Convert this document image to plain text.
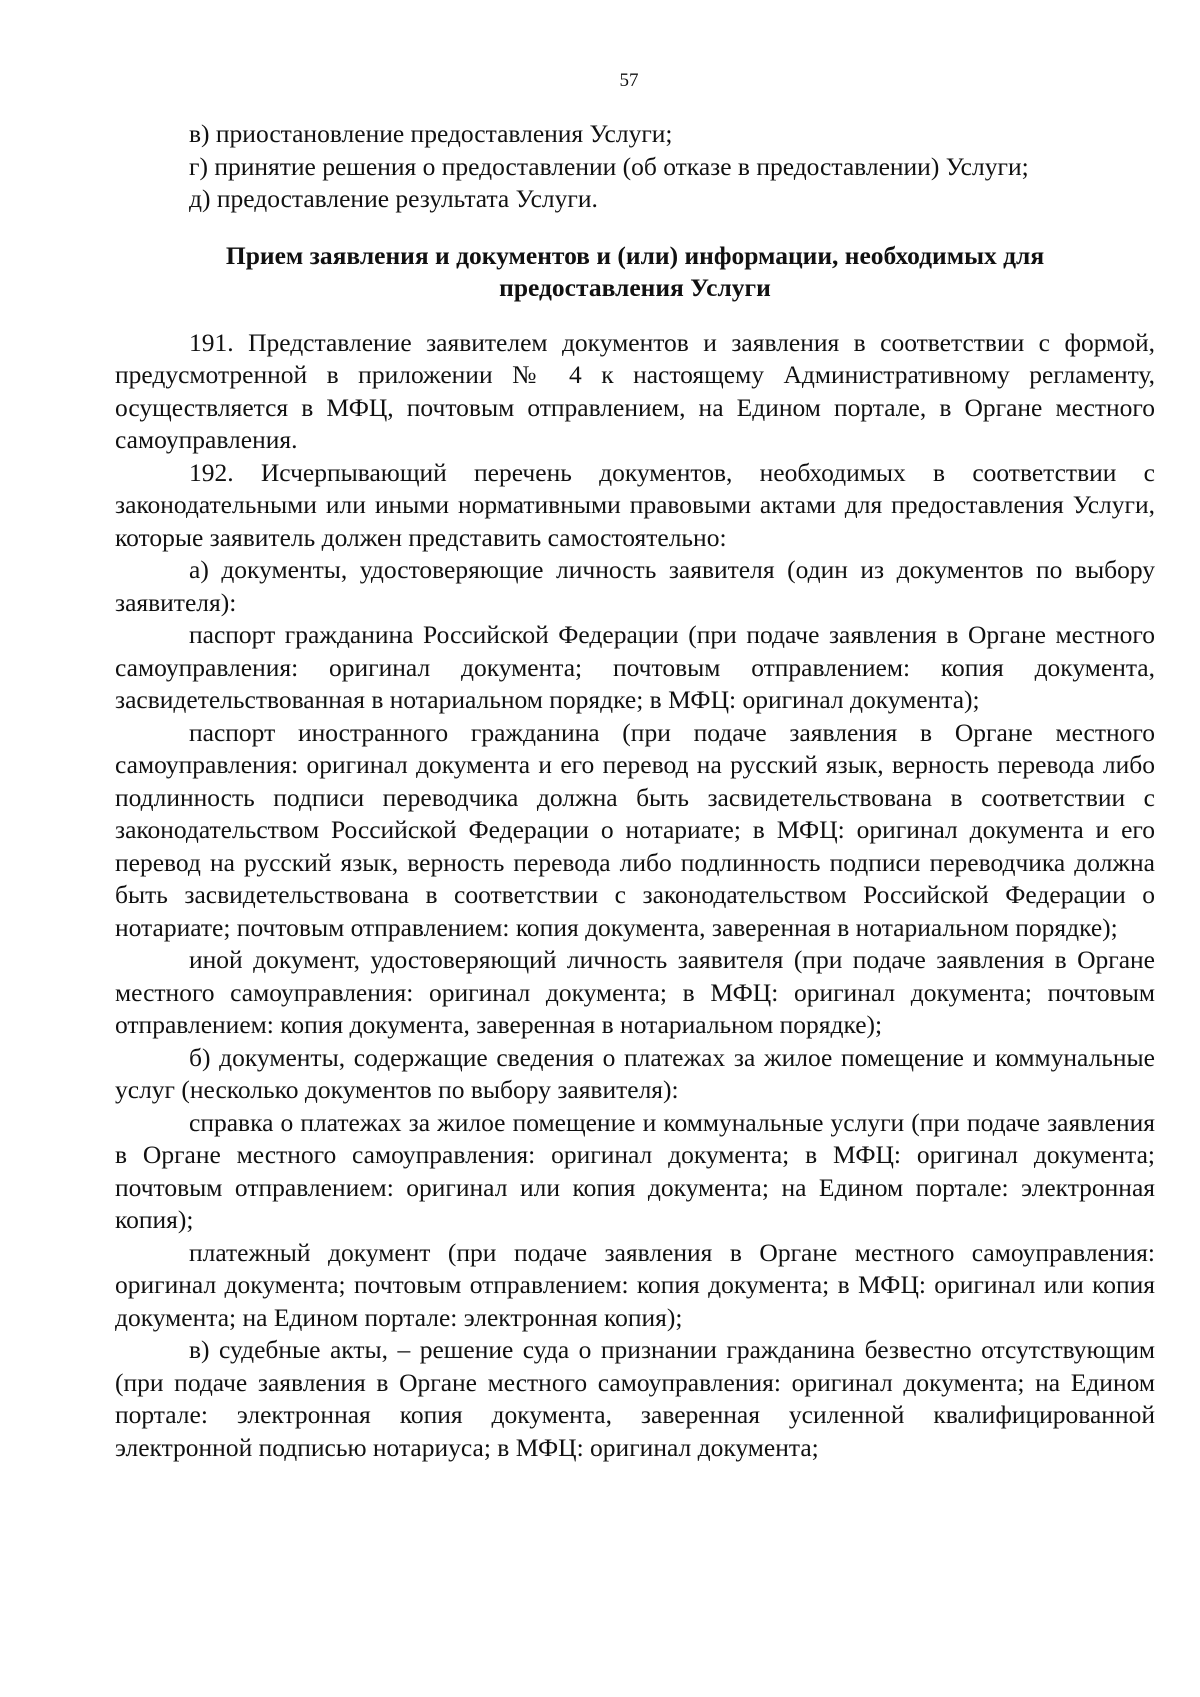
57

в) приостановление предоставления Услуги;

г) принятие решения о предоставлении (об отказе в предоставлении) Услуги;

д) предоставление результата Услуги.

Прием заявления и документов и (или) информации, необходимых для предоставления Услуги

191. Представление заявителем документов и заявления в соответствии с формой, предусмотренной в приложении № 4 к настоящему Административному регламенту, осуществляется в МФЦ, почтовым отправлением, на Едином портале, в Органе местного самоуправления.

192. Исчерпывающий перечень документов, необходимых в соответствии с законодательными или иными нормативными правовыми актами для предоставления Услуги, которые заявитель должен представить самостоятельно:

а) документы, удостоверяющие личность заявителя (один из документов по выбору заявителя):

паспорт гражданина Российской Федерации (при подаче заявления в Органе местного самоуправления: оригинал документа; почтовым отправлением: копия документа, засвидетельствованная в нотариальном порядке; в МФЦ: оригинал документа);

паспорт иностранного гражданина (при подаче заявления в Органе местного самоуправления: оригинал документа и его перевод на русский язык, верность перевода либо подлинность подписи переводчика должна быть засвидетельствована в соответствии с законодательством Российской Федерации о нотариате; в МФЦ: оригинал документа и его перевод на русский язык, верность перевода либо подлинность подписи переводчика должна быть засвидетельствована в соответствии с законодательством Российской Федерации о нотариате; почтовым отправлением: копия документа, заверенная в нотариальном порядке);

иной документ, удостоверяющий личность заявителя (при подаче заявления в Органе местного самоуправления: оригинал документа; в МФЦ: оригинал документа; почтовым отправлением: копия документа, заверенная в нотариальном порядке);

б) документы, содержащие сведения о платежах за жилое помещение и коммунальные услуг (несколько документов по выбору заявителя):

справка о платежах за жилое помещение и коммунальные услуги (при подаче заявления в Органе местного самоуправления: оригинал документа; в МФЦ: оригинал документа; почтовым отправлением: оригинал или копия документа; на Едином портале: электронная копия);

платежный документ (при подаче заявления в Органе местного самоуправления: оригинал документа; почтовым отправлением: копия документа; в МФЦ: оригинал или копия документа; на Едином портале: электронная копия);

в) судебные акты, – решение суда о признании гражданина безвестно отсутствующим (при подаче заявления в Органе местного самоуправления: оригинал документа; на Едином портале: электронная копия документа, заверенная усиленной квалифицированной электронной подписью нотариуса; в МФЦ: оригинал документа;
